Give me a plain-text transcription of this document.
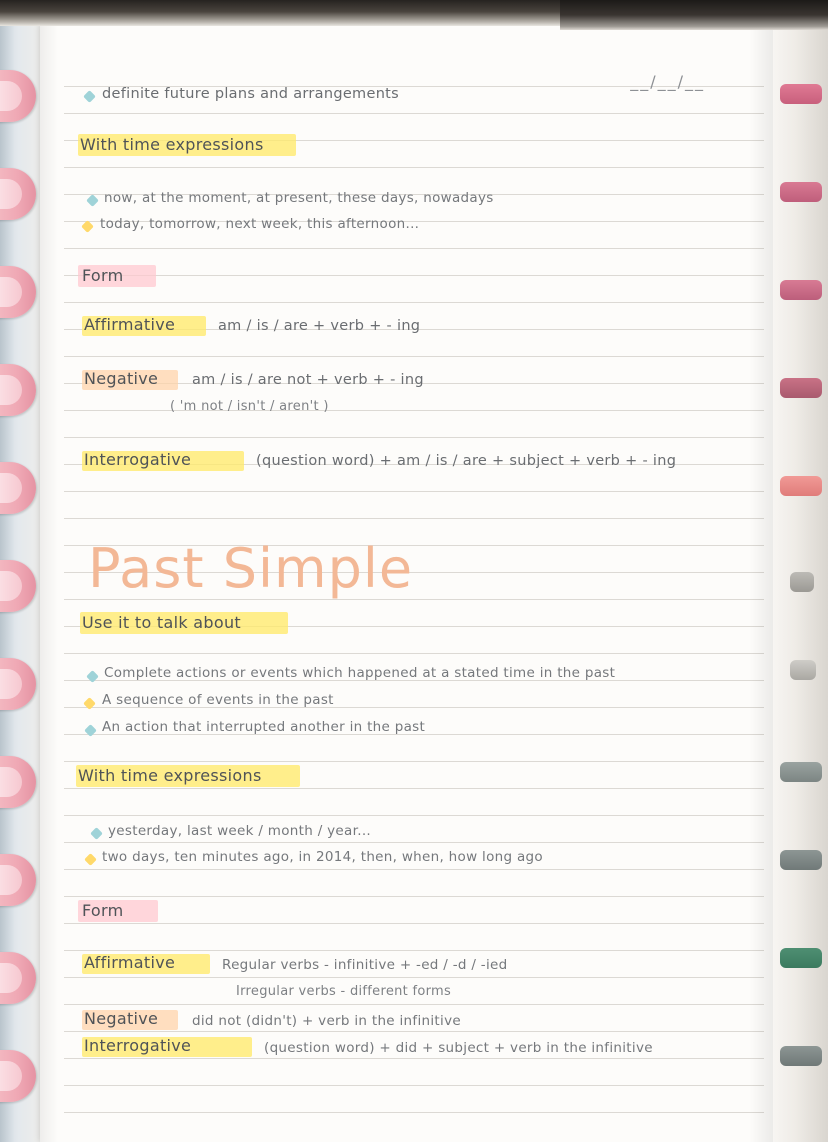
__/__/__
definite future plans and arrangements
With time expressions
now, at the moment, at present, these days, nowadays
today, tomorrow, next week, this afternoon...
Form
Affirmative	am / is / are + verb + - ing
Negative am / is / are not + verb + - ing
( 'm not / isn't / aren't )
Interrogative	(question word) + am / is / are + subject + verb + - ing
Past Simple
Use it to talk about
Complete actions or events which happened at a stated time in the past
A sequence of events in the past
An action that interrupted another in the past
With time expressions
yesterday, last week / month / year...
two days, ten minutes ago, in 2014, then, when, how long ago
Form
Affirmative	Regular verbs - infinitive + -ed / -d / -ied
Irregular verbs - different forms
Negative	did not (didn't) + verb in the infinitive
Interrogative	(question word) + did + subject + verb in the infinitive
